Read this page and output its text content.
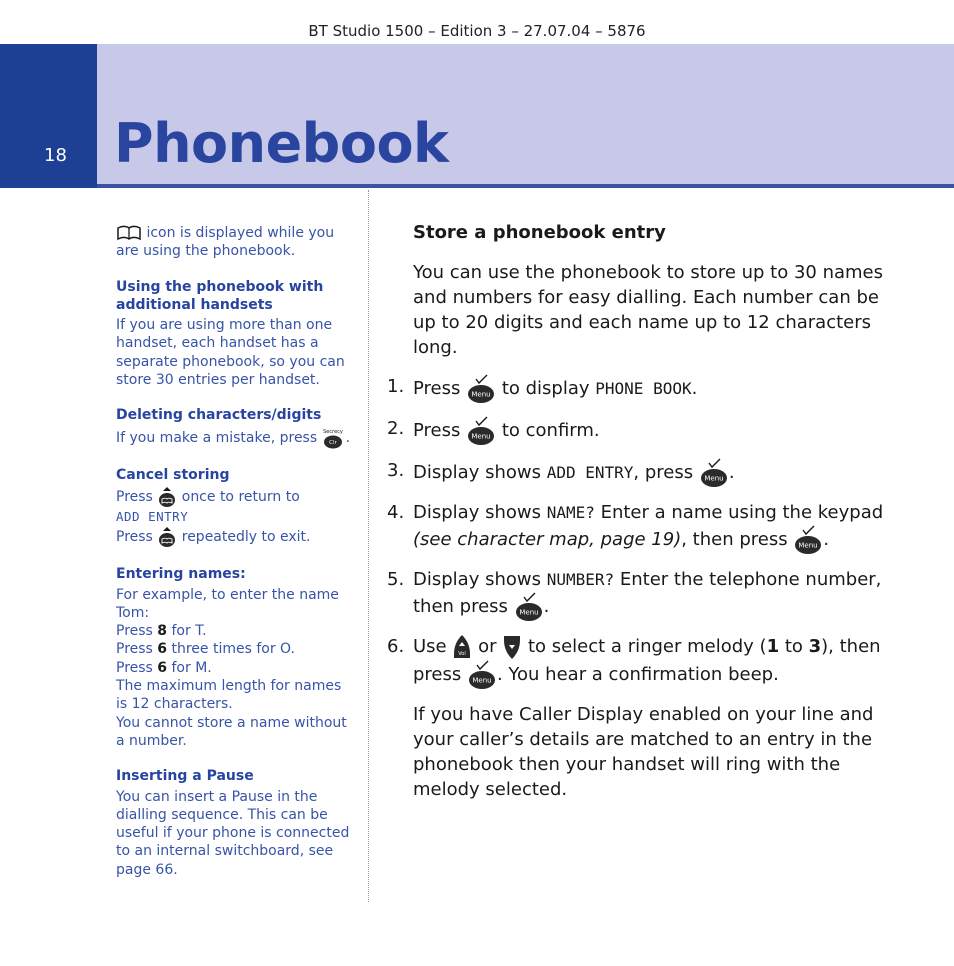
BT Studio 1500 – Edition 3 – 27.07.04 – 5876
18 Phonebook
icon is displayed while you are using the phonebook.
Using the phonebook with additional handsets
If you are using more than one handset, each handset has a separate phonebook, so you can store 30 entries per handset.
Deleting characters/digits
If you make a mistake, press Secrecy
Clr .
Cancel storing
Press  once to return to
ADD ENTRY
Press  repeatedly to exit.
Entering names:
For example, to enter the name Tom:
Press 8 for T.
Press 6 three times for O.
Press 6 for M.
The maximum length for names is 12 characters.
You cannot store a name without a number.
Inserting a Pause
You can insert a Pause in the dialling sequence. This can be useful if your phone is connected to an internal switchboard, see page 66.
Store a phonebook entry

You can use the phonebook to store up to 30 names and numbers for easy dialling. Each number can be up to 20 digits and each name up to 12 characters long.

1. Press Menu to display PHONE BOOK.
2. Press Menu to confirm.
3. Display shows ADD ENTRY, press Menu .
4. Display shows NAME? Enter a name using the keypad (see character map, page 19), then press Menu .
5. Display shows NUMBER? Enter the telephone number, then press Menu .
6. Use Vol or  to select a ringer melody (1 to 3), then press Menu . You hear a confirmation beep.

If you have Caller Display enabled on your line and your caller’s details are matched to an entry in the phonebook then your handset will ring with the melody selected.
